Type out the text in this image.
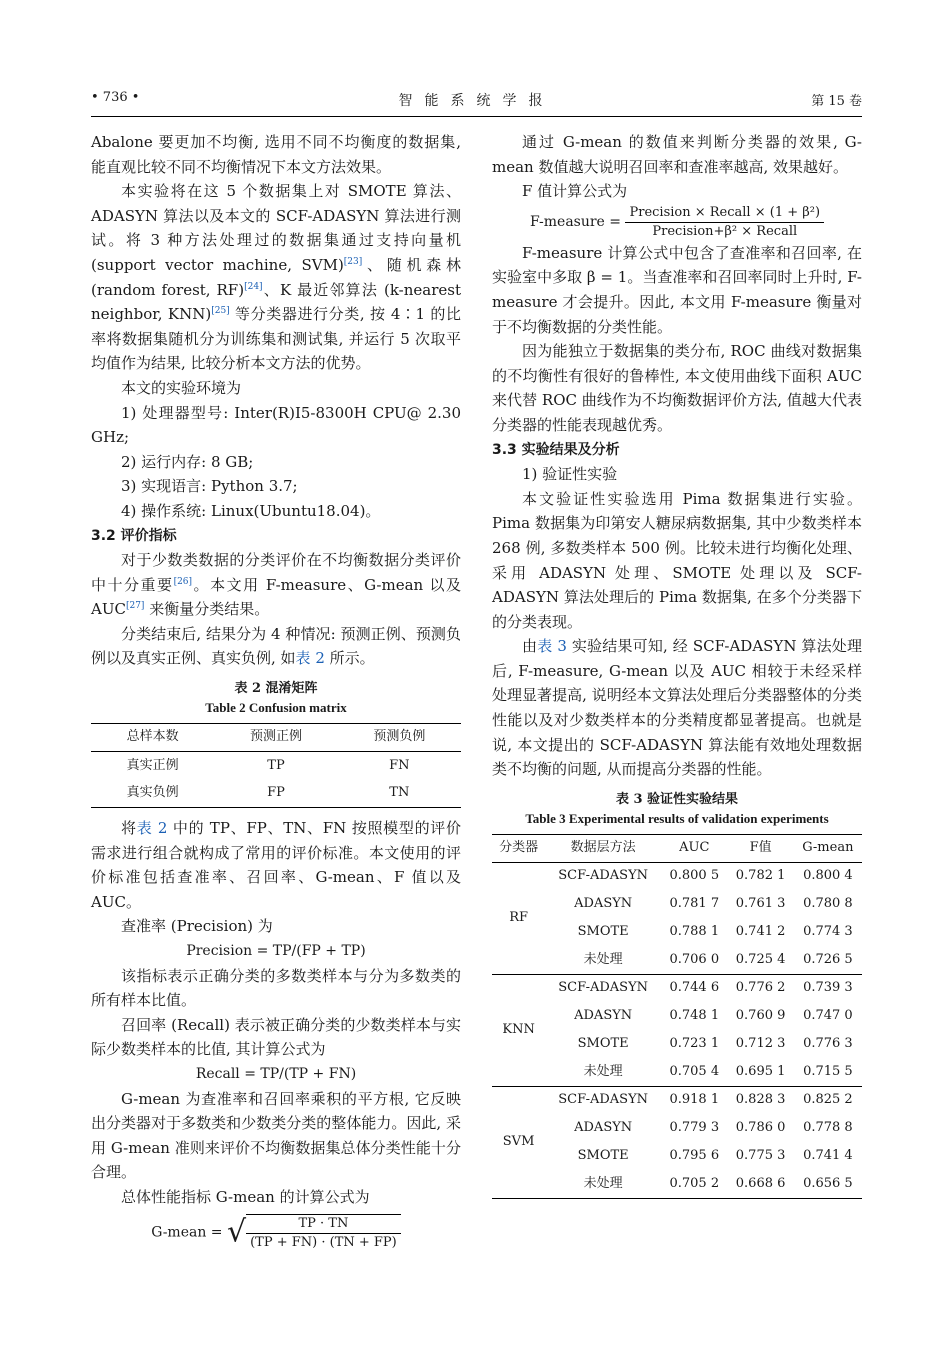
• 736 •	智能系统学报	第 15 卷

Abalone 要更加不均衡, 选用不同不均衡度的数据集, 能直观比较不同不均衡情况下本文方法效果。

本实验将在这 5 个数据集上对 SMOTE 算法、ADASYN 算法以及本文的 SCF-ADASYN 算法进行测试。将 3 种方法处理过的数据集通过支持向量机 (support vector machine, SVM)[23]、随机森林 (random forest, RF)[24]、K 最近邻算法 (k-nearest neighbor, KNN)[25] 等分类器进行分类, 按 4∶1 的比率将数据集随机分为训练集和测试集, 并运行 5 次取平均值作为结果, 比较分析本文方法的优势。

本文的实验环境为

1) 处理器型号: Inter(R)I5-8300H CPU@ 2.30 GHz;

2) 运行内存: 8 GB;

3) 实现语言: Python 3.7;

4) 操作系统: Linux(Ubuntu18.04)。

3.2 评价指标

对于少数类数据的分类评价在不均衡数据分类评价中十分重要[26]。本文用 F-measure、G-mean 以及 AUC[27] 来衡量分类结果。

分类结束后, 结果分为 4 种情况: 预测正例、预测负例以及真实正例、真实负例, 如表 2 所示。

表 2 混淆矩阵
Table 2 Confusion matrix
总样本数	预测正例	预测负例
真实正例	TP	FN
真实负例	FP	TN

将表 2 中的 TP、FP、TN、FN 按照模型的评价需求进行组合就构成了常用的评价标准。本文使用的评价标准包括查准率、召回率、G-mean、F 值以及 AUC。

查准率 (Precision) 为

Precision = TP/(FP + TP)

该指标表示正确分类的多数类样本与分为多数类的所有样本比值。

召回率 (Recall) 表示被正确分类的少数类样本与实际少数类样本的比值, 其计算公式为

Recall = TP/(TP + FN)

G-mean 为查准率和召回率乘积的平方根, 它反映出分类器对于多数类和少数类分类的整体能力。因此, 采用 G-mean 准则来评价不均衡数据集总体分类性能十分合理。

总体性能指标 G-mean 的计算公式为

G-mean = √ $\frac{TP \cdot TN}{(TP + FN) \cdot (TN + FP)}$

通过 G-mean 的数值来判断分类器的效果, G-mean 数值越大说明召回率和查准率越高, 效果越好。

F 值计算公式为

F-measure = $\frac{\text{Precision × Recall × (1 + β²)}}{\text{Precision+β² × Recall}}$

F-measure 计算公式中包含了查准率和召回率, 在实验室中多取 β = 1。当查准率和召回率同时上升时, F-measure 才会提升。因此, 本文用 F-measure 衡量对于不均衡数据的分类性能。

因为能独立于数据集的类分布, ROC 曲线对数据集的不均衡性有很好的鲁棒性, 本文使用曲线下面积 AUC 来代替 ROC 曲线作为不均衡数据评价方法, 值越大代表分类器的性能表现越优秀。

3.3 实验结果及分析

1) 验证性实验

本文验证性实验选用 Pima 数据集进行实验。Pima 数据集为印第安人糖尿病数据集, 其中少数类样本 268 例, 多数类样本 500 例。比较未进行均衡化处理、采用 ADASYN 处理、SMOTE 处理以及 SCF-ADASYN 算法处理后的 Pima 数据集, 在多个分类器下的分类表现。

由表 3 实验结果可知, 经 SCF-ADASYN 算法处理后, F-measure, G-mean 以及 AUC 相较于未经采样处理显著提高, 说明经本文算法处理后分类器整体的分类性能以及对少数类样本的分类精度都显著提高。也就是说, 本文提出的 SCF-ADASYN 算法能有效地处理数据类不均衡的问题, 从而提高分类器的性能。

表 3 验证性实验结果
Table 3 Experimental results of validation experiments
分类器	数据层方法	AUC	F值	G-mean
RF	SCF-ADASYN	0.800 5	0.782 1	0.800 4
	ADASYN	0.781 7	0.761 3	0.780 8
	SMOTE	0.788 1	0.741 2	0.774 3
	未处理	0.706 0	0.725 4	0.726 5
KNN	SCF-ADASYN	0.744 6	0.776 2	0.739 3
	ADASYN	0.748 1	0.760 9	0.747 0
	SMOTE	0.723 1	0.712 3	0.776 3
	未处理	0.705 4	0.695 1	0.715 5
SVM	SCF-ADASYN	0.918 1	0.828 3	0.825 2
	ADASYN	0.779 3	0.786 0	0.778 8
	SMOTE	0.795 6	0.775 3	0.741 4
	未处理	0.705 2	0.668 6	0.656 5
